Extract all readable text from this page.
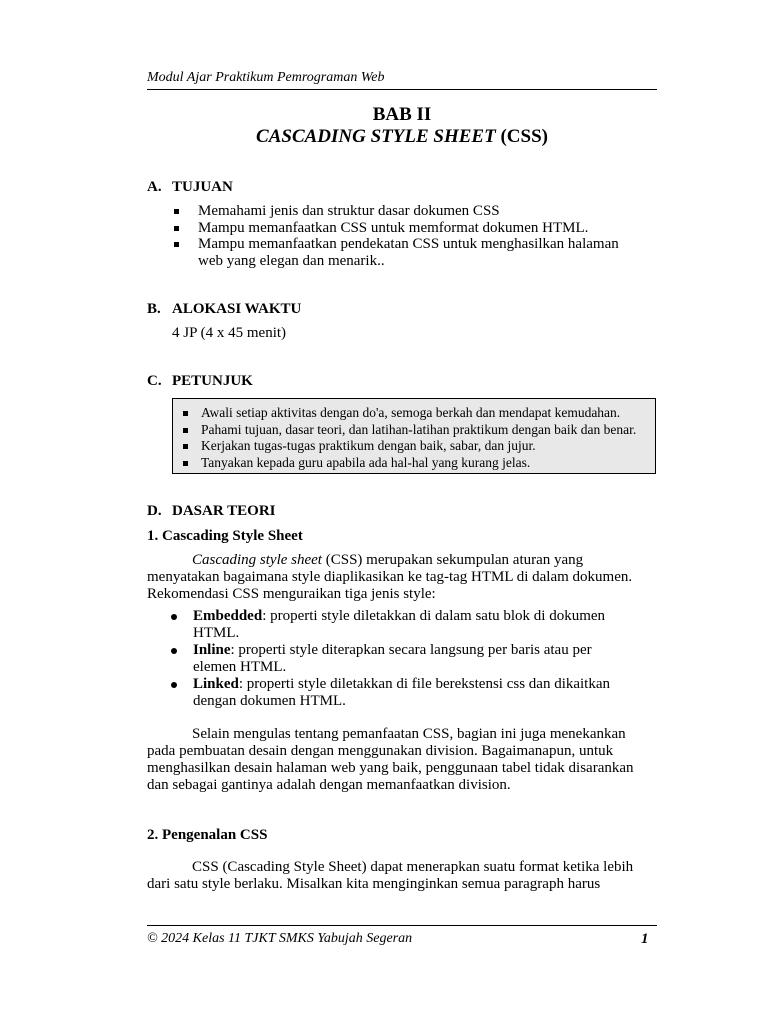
Modul Ajar Praktikum Pemrograman Web
BAB II
CASCADING STYLE SHEET (CSS)
A. TUJUAN
Memahami jenis dan struktur dasar dokumen CSS
Mampu memanfaatkan CSS untuk memformat dokumen HTML.
Mampu memanfaatkan pendekatan CSS untuk menghasilkan halaman web yang elegan dan menarik..
B. ALOKASI WAKTU
4 JP (4 x 45 menit)
C. PETUNJUK
Awali setiap aktivitas dengan do'a, semoga berkah dan mendapat kemudahan.
Pahami tujuan, dasar teori, dan latihan-latihan praktikum dengan baik dan benar.
Kerjakan tugas-tugas praktikum dengan baik, sabar, dan jujur.
Tanyakan kepada guru apabila ada hal-hal yang kurang jelas.
D. DASAR TEORI
1. Cascading Style Sheet
Cascading style sheet (CSS) merupakan sekumpulan aturan yang menyatakan bagaimana style diaplikasikan ke tag-tag HTML di dalam dokumen. Rekomendasi CSS menguraikan tiga jenis style:
Embedded: properti style diletakkan di dalam satu blok di dokumen HTML.
Inline: properti style diterapkan secara langsung per baris atau per elemen HTML.
Linked: properti style diletakkan di file berekstensi css dan dikaitkan dengan dokumen HTML.
Selain mengulas tentang pemanfaatan CSS, bagian ini juga menekankan pada pembuatan desain dengan menggunakan division. Bagaimanapun, untuk menghasilkan desain halaman web yang baik, penggunaan tabel tidak disarankan dan sebagai gantinya adalah dengan memanfaatkan division.
2. Pengenalan CSS
CSS (Cascading Style Sheet) dapat menerapkan suatu format ketika lebih dari satu style berlaku. Misalkan kita menginginkan semua paragraph harus
© 2024 Kelas 11 TJKT SMKS Yabujah Segeran	1
